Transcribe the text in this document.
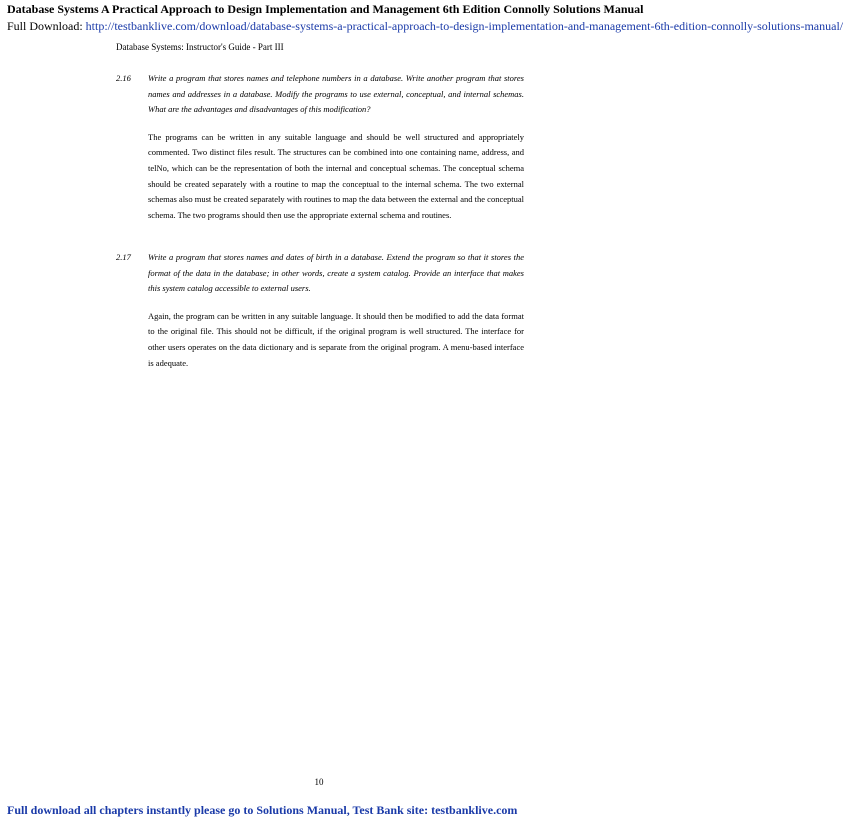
Database Systems A Practical Approach to Design Implementation and Management 6th Edition Connolly Solutions Manual
Full Download: http://testbanklive.com/download/database-systems-a-practical-approach-to-design-implementation-and-management-6th-edition-connolly-solutions-manual/
Database Systems: Instructor's Guide - Part III
2.16	Write a program that stores names and telephone numbers in a database. Write another program that stores names and addresses in a database. Modify the programs to use external, conceptual, and internal schemas. What are the advantages and disadvantages of this modification?
The programs can be written in any suitable language and should be well structured and appropriately commented. Two distinct files result. The structures can be combined into one containing name, address, and telNo, which can be the representation of both the internal and conceptual schemas. The conceptual schema should be created separately with a routine to map the conceptual to the internal schema. The two external schemas also must be created separately with routines to map the data between the external and the conceptual schema. The two programs should then use the appropriate external schema and routines.
2.17	Write a program that stores names and dates of birth in a database. Extend the program so that it stores the format of the data in the database; in other words, create a system catalog. Provide an interface that makes this system catalog accessible to external users.
Again, the program can be written in any suitable language. It should then be modified to add the data format to the original file. This should not be difficult, if the original program is well structured. The interface for other users operates on the data dictionary and is separate from the original program. A menu-based interface is adequate.
10
Full download all chapters instantly please go to Solutions Manual, Test Bank site: testbanklive.com
